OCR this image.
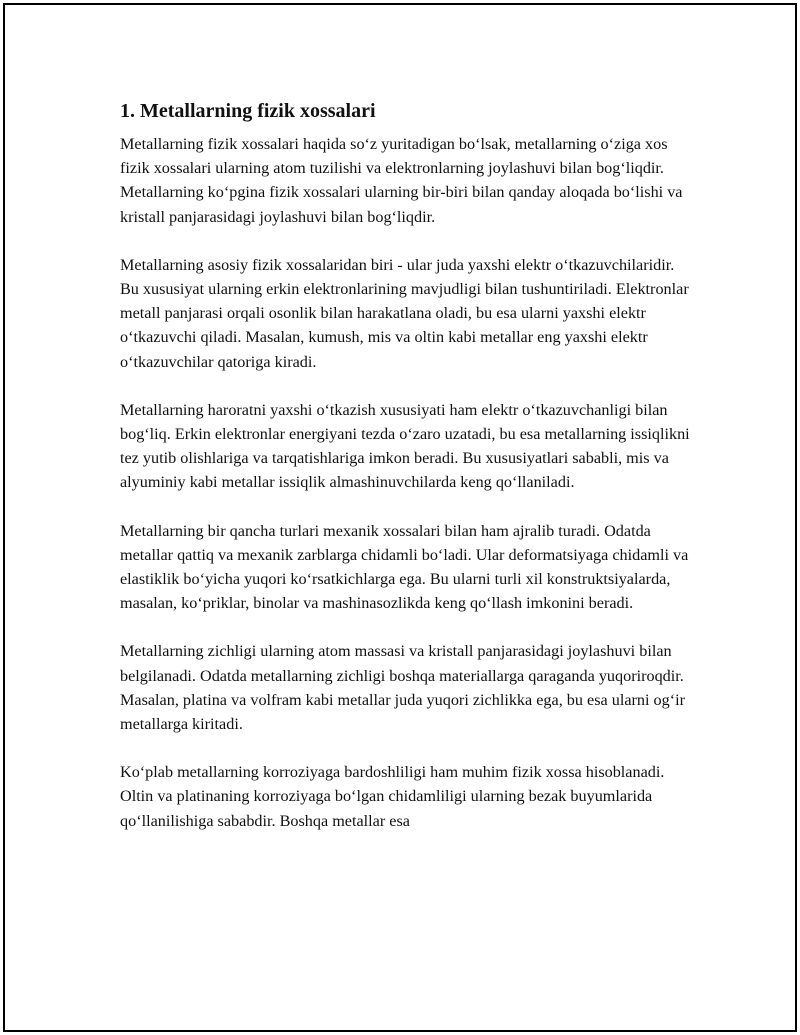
1. Metallarning fizik xossalari

Metallarning fizik xossalari haqida so‘z yuritadigan bo‘lsak, metallarning o‘ziga xos fizik xossalari ularning atom tuzilishi va elektronlarning joylashuvi bilan bog‘liqdir. Metallarning ko‘pgina fizik xossalari ularning bir-biri bilan qanday aloqada bo‘lishi va kristall panjarasidagi joylashuvi bilan bog‘liqdir.

Metallarning asosiy fizik xossalaridan biri - ular juda yaxshi elektr o‘tkazuvchilaridir. Bu xususiyat ularning erkin elektronlarining mavjudligi bilan tushuntiriladi. Elektronlar metall panjarasi orqali osonlik bilan harakatlana oladi, bu esa ularni yaxshi elektr o‘tkazuvchi qiladi. Masalan, kumush, mis va oltin kabi metallar eng yaxshi elektr o‘tkazuvchilar qatoriga kiradi.

Metallarning haroratni yaxshi o‘tkazish xususiyati ham elektr o‘tkazuvchanligi bilan bog‘liq. Erkin elektronlar energiyani tezda o‘zaro uzatadi, bu esa metallarning issiqlikni tez yutib olishlariga va tarqatishlariga imkon beradi. Bu xususiyatlari sababli, mis va alyuminiy kabi metallar issiqlik almashinuvchilarda keng qo‘llaniladi.

Metallarning bir qancha turlari mexanik xossalari bilan ham ajralib turadi. Odatda metallar qattiq va mexanik zarblarga chidamli bo‘ladi. Ular deformatsiyaga chidamli va elastiklik bo‘yicha yuqori ko‘rsatkichlarga ega. Bu ularni turli xil konstruktsiyalarda, masalan, ko‘priklar, binolar va mashinasozlikda keng qo‘llash imkonini beradi.

Metallarning zichligi ularning atom massasi va kristall panjarasidagi joylashuvi bilan belgilanadi. Odatda metallarning zichligi boshqa materiallarga qaraganda yuqoriroqdir. Masalan, platina va volfram kabi metallar juda yuqori zichlikka ega, bu esa ularni og‘ir metallarga kiritadi.

Ko‘plab metallarning korroziyaga bardoshliligi ham muhim fizik xossa hisoblanadi. Oltin va platinaning korroziyaga bo‘lgan chidamliligi ularning bezak buyumlarida qo‘llanilishiga sababdir. Boshqa metallar esa
